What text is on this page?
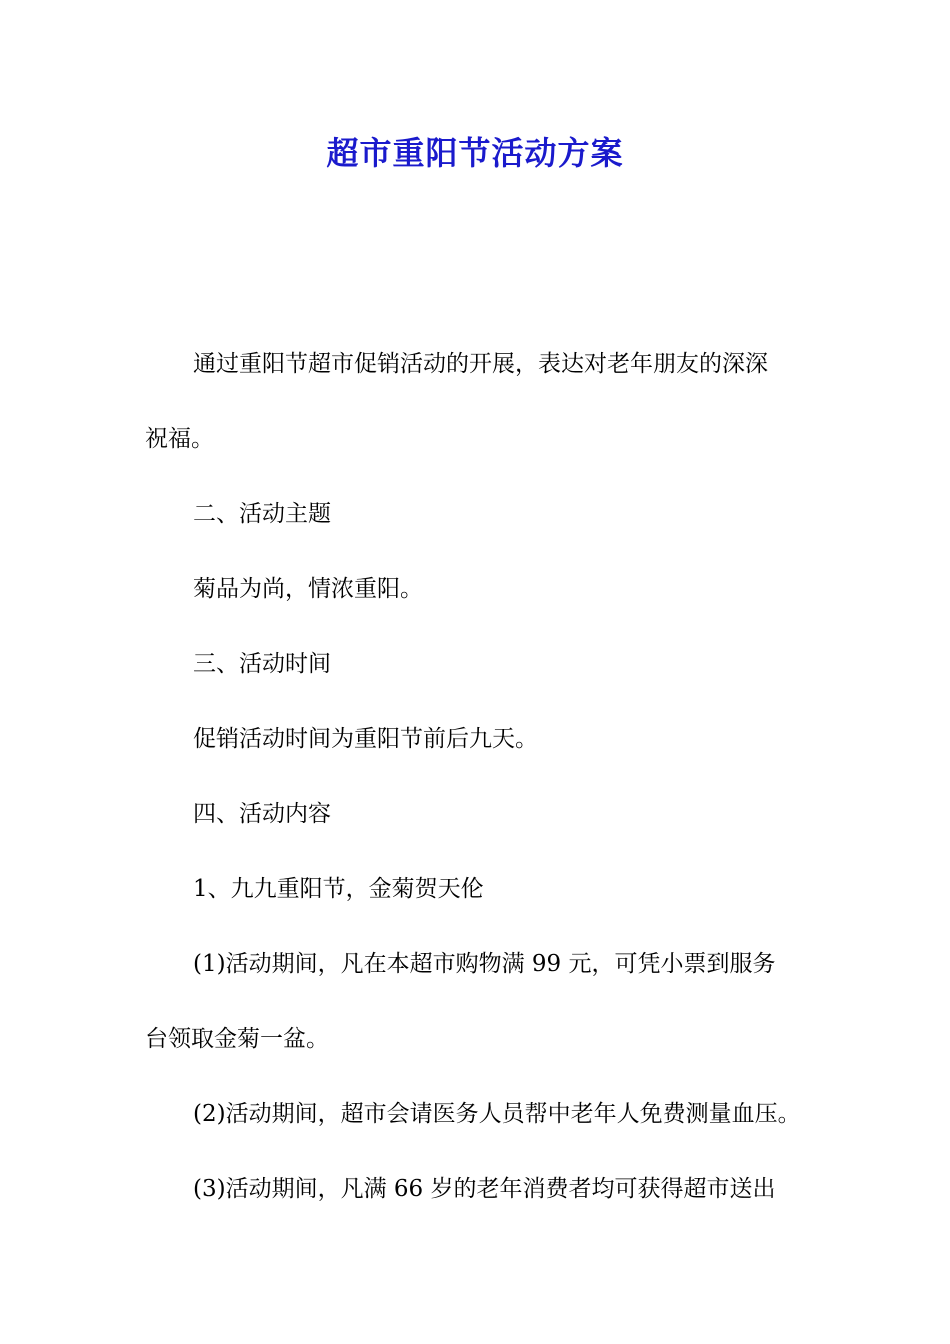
超市重阳节活动方案

通过重阳节超市促销活动的开展，表达对老年朋友的深深

祝福。

二、活动主题

菊品为尚，情浓重阳。

三、活动时间

促销活动时间为重阳节前后九天。

四、活动内容

1、九九重阳节，金菊贺天伦

(1)活动期间，凡在本超市购物满 99 元，可凭小票到服务

台领取金菊一盆。

(2)活动期间，超市会请医务人员帮中老年人免费测量血压。

(3)活动期间，凡满 66 岁的老年消费者均可获得超市送出
